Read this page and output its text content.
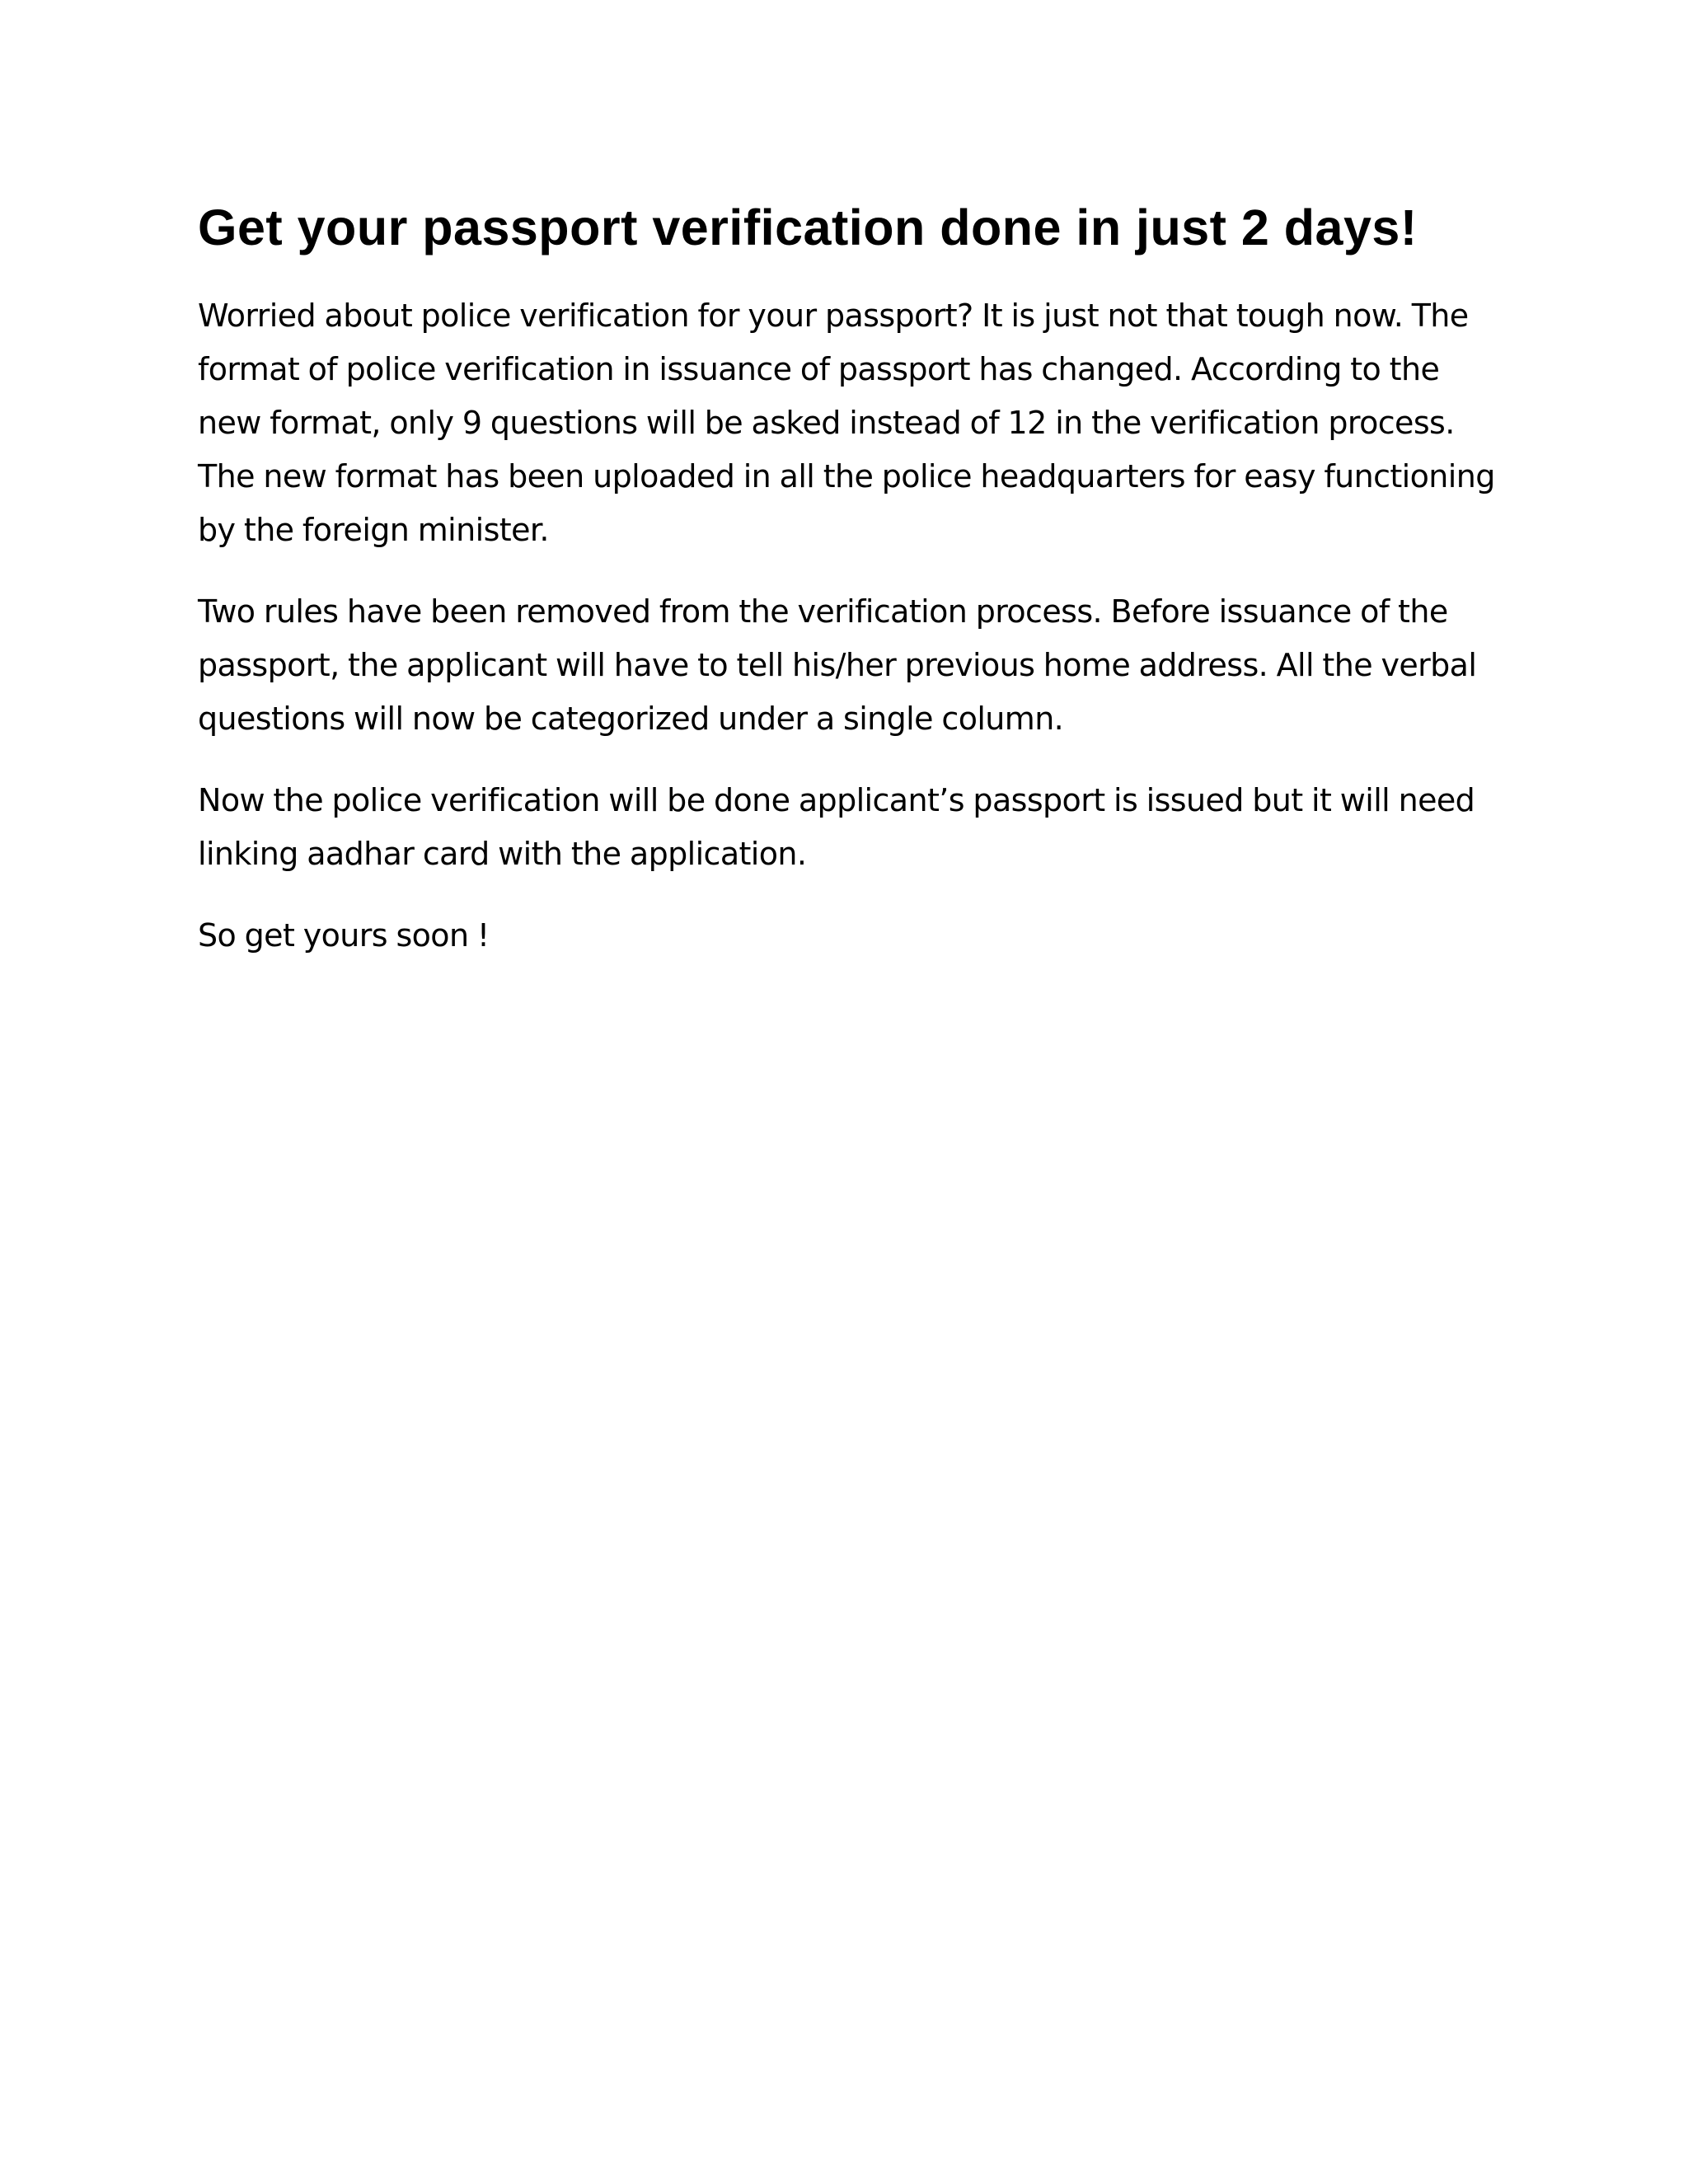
Get your passport verification done in just 2 days!

Worried about police verification for your passport? It is just not that tough now. The format of police verification in issuance of passport has changed. According to the new format, only 9 questions will be asked instead of 12 in the verification process. The new format has been uploaded in all the police headquarters for easy functioning by the foreign minister.

Two rules have been removed from the verification process. Before issuance of the passport, the applicant will have to tell his/her previous home address. All the verbal questions will now be categorized under a single column.

Now the police verification will be done applicant’s passport is issued but it will need linking aadhar card with the application.

So get yours soon !
